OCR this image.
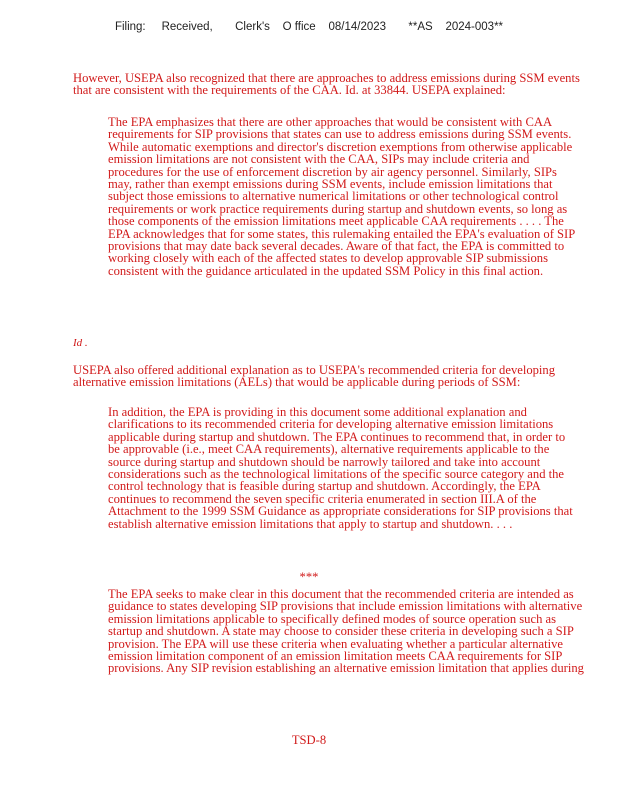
Filing:     Received,       Clerk's    O ffice    08/14/2023       **AS    2024-003**

However, USEPA also recognized that there are approaches to address emissions during SSM events that are consistent with the requirements of the CAA. Id. at 33844. USEPA explained:

The EPA emphasizes that there are other approaches that would be consistent with CAA requirements for SIP provisions that states can use to address emissions during SSM events. While automatic exemptions and director's discretion exemptions from otherwise applicable emission limitations are not consistent with the CAA, SIPs may include criteria and procedures for the use of enforcement discretion by air agency personnel. Similarly, SIPs may, rather than exempt emissions during SSM events, include emission limitations that subject those emissions to alternative numerical limitations or other technological control requirements or work practice requirements during startup and shutdown events, so long as those components of the emission limitations meet applicable CAA requirements . . . . The EPA acknowledges that for some states, this rulemaking entailed the EPA's evaluation of SIP provisions that may date back several decades. Aware of that fact, the EPA is committed to working closely with each of the affected states to develop approvable SIP submissions consistent with the guidance articulated in the updated SSM Policy in this final action.

Id .

USEPA also offered additional explanation as to USEPA's recommended criteria for developing alternative emission limitations (AELs) that would be applicable during periods of SSM:

In addition, the EPA is providing in this document some additional explanation and clarifications to its recommended criteria for developing alternative emission limitations applicable during startup and shutdown. The EPA continues to recommend that, in order to be approvable (i.e., meet CAA requirements), alternative requirements applicable to the source during startup and shutdown should be narrowly tailored and take into account considerations such as the technological limitations of the specific source category and the control technology that is feasible during startup and shutdown. Accordingly, the EPA continues to recommend the seven specific criteria enumerated in section III.A of the Attachment to the 1999 SSM Guidance as appropriate considerations for SIP provisions that establish alternative emission limitations that apply to startup and shutdown. . . .

***

The EPA seeks to make clear in this document that the recommended criteria are intended as guidance to states developing SIP provisions that include emission limitations with alternative emission limitations applicable to specifically defined modes of source operation such as startup and shutdown. A state may choose to consider these criteria in developing such a SIP provision. The EPA will use these criteria when evaluating whether a particular alternative emission limitation component of an emission limitation meets CAA requirements for SIP provisions. Any SIP revision establishing an alternative emission limitation that applies during

TSD-8
